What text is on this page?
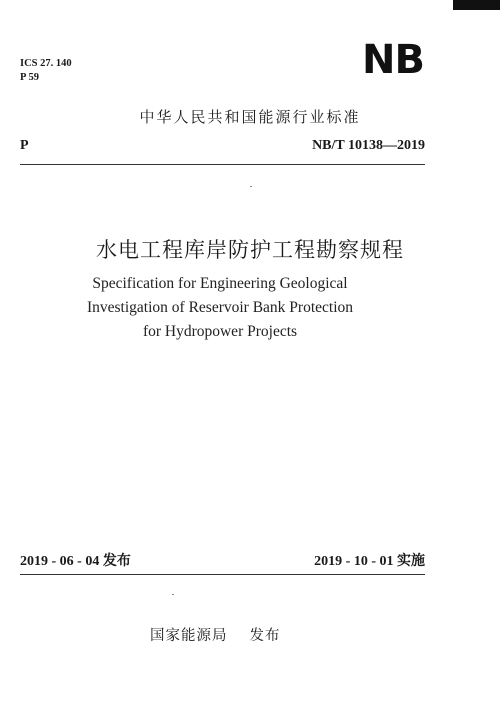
ICS 27. 140
P 59	NB
中华人民共和国能源行业标准
P	NB/T 10138—2019
水电工程库岸防护工程勘察规程
Specification for Engineering Geological
Investigation of Reservoir Bank Protection
for Hydropower Projects
2019 - 06 - 04 发布	2019 - 10 - 01 实施
国家能源局 发布
